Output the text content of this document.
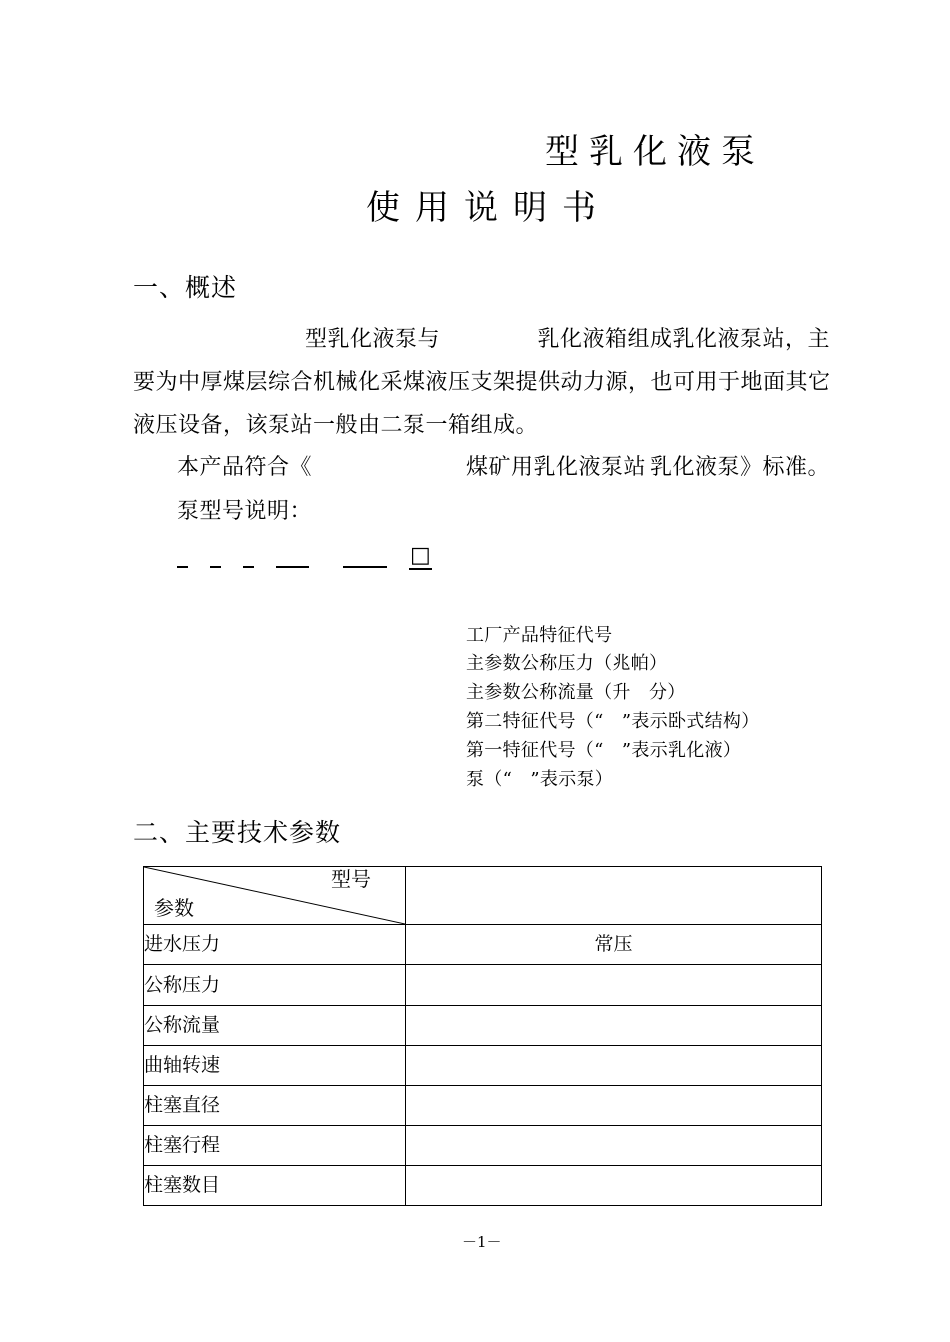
型乳化液泵
使用说明书
一、概述
型乳化液泵与	乳化液箱组成乳化液泵站，主
要为中厚煤层综合机械化采煤液压支架提供动力源，也可用于地面其它
液压设备，该泵站一般由二泵一箱组成。
本产品符合《	煤矿用乳化液泵站 乳化液泵》标准。
泵型号说明：
□
工厂产品特征代号
主参数公称压力（兆帕）
主参数公称流量（升　分）
第二特征代号（“　”表示卧式结构）
第一特征代号（“　”表示乳化液）
泵（“　”表示泵）
二、主要技术参数
型号
参数	

进水压力	常压
公称压力	
公称流量	
曲轴转速	
柱塞直径	
柱塞行程	
柱塞数目	
－1－
